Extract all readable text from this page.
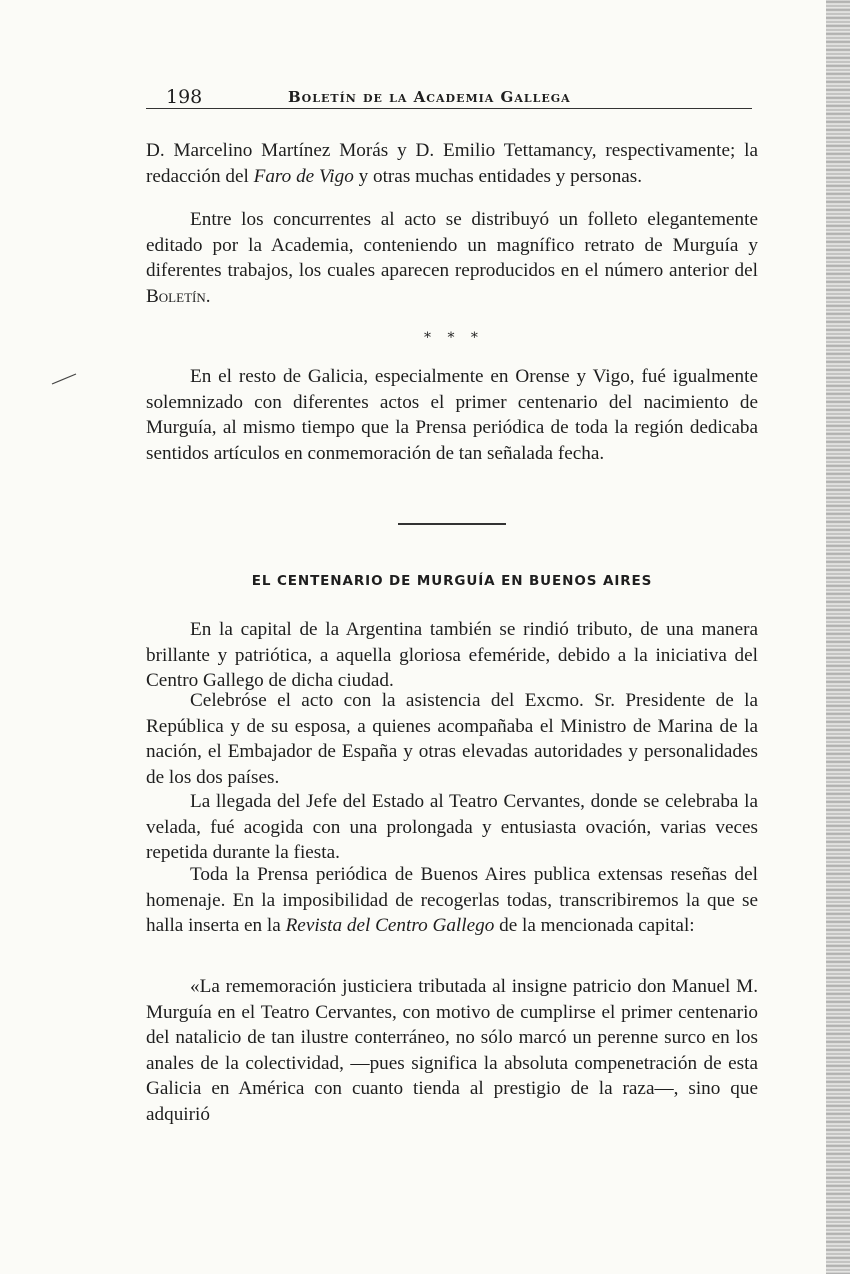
198	Boletín de la Academia Gallega

D. Marcelino Martínez Morás y D. Emilio Tettamancy, respectivamente; la redacción del Faro de Vigo y otras muchas entidades y personas.

Entre los concurrentes al acto se distribuyó un folleto elegantemente editado por la Academia, conteniendo un magnífico retrato de Murguía y diferentes trabajos, los cuales aparecen reproducidos en el número anterior del Boletín.

* * *

En el resto de Galicia, especialmente en Orense y Vigo, fué igualmente solemnizado con diferentes actos el primer centenario del nacimiento de Murguía, al mismo tiempo que la Prensa periódica de toda la región dedicaba sentidos artículos en conmemoración de tan señalada fecha.

EL CENTENARIO DE MURGUÍA EN BUENOS AIRES

En la capital de la Argentina también se rindió tributo, de una manera brillante y patriótica, a aquella gloriosa efeméride, debido a la iniciativa del Centro Gallego de dicha ciudad.

Celebróse el acto con la asistencia del Excmo. Sr. Presidente de la República y de su esposa, a quienes acompañaba el Ministro de Marina de la nación, el Embajador de España y otras elevadas autoridades y personalidades de los dos países.

La llegada del Jefe del Estado al Teatro Cervantes, donde se celebraba la velada, fué acogida con una prolongada y entusiasta ovación, varias veces repetida durante la fiesta.

Toda la Prensa periódica de Buenos Aires publica extensas reseñas del homenaje. En la imposibilidad de recogerlas todas, transcribiremos la que se halla inserta en la Revista del Centro Gallego de la mencionada capital:

«La rememoración justiciera tributada al insigne patricio don Manuel M. Murguía en el Teatro Cervantes, con motivo de cumplirse el primer centenario del natalicio de tan ilustre conterráneo, no sólo marcó un perenne surco en los anales de la colectividad, —pues significa la absoluta compenetración de esta Galicia en América con cuanto tienda al prestigio de la raza—, sino que adquirió
